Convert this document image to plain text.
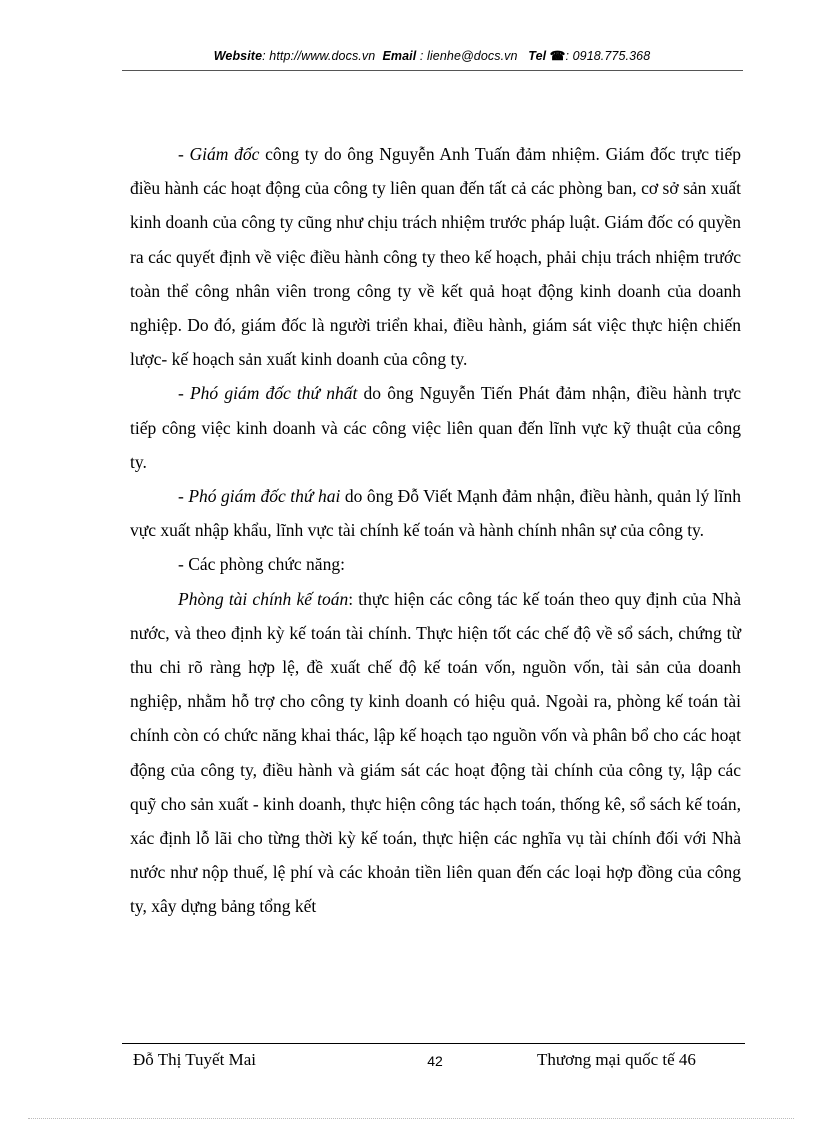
Website: http://www.docs.vn Email : lienhe@docs.vn Tel ☎: 0918.775.368

- Giám đốc công ty do ông Nguyễn Anh Tuấn đảm nhiệm. Giám đốc trực tiếp điều hành các hoạt động của công ty liên quan đến tất cả các phòng ban, cơ sở sản xuất kinh doanh của công ty cũng như chịu trách nhiệm trước pháp luật. Giám đốc có quyền ra các quyết định về việc điều hành công ty theo kế hoạch, phải chịu trách nhiệm trước toàn thể công nhân viên trong công ty về kết quả hoạt động kinh doanh của doanh nghiệp. Do đó, giám đốc là người triển khai, điều hành, giám sát việc thực hiện chiến lược- kế hoạch sản xuất kinh doanh của công ty.

- Phó giám đốc thứ nhất do ông Nguyễn Tiến Phát đảm nhận, điều hành trực tiếp công việc kinh doanh và các công việc liên quan đến lĩnh vực kỹ thuật của công ty.

- Phó giám đốc thứ hai do ông Đỗ Viết Mạnh đảm nhận, điều hành, quản lý lĩnh vực xuất nhập khẩu, lĩnh vực tài chính kế toán và hành chính nhân sự của công ty.

- Các phòng chức năng:

Phòng tài chính kế toán: thực hiện các công tác kế toán theo quy định của Nhà nước, và theo định kỳ kế toán tài chính. Thực hiện tốt các chế độ về sổ sách, chứng từ thu chi rõ ràng hợp lệ, đề xuất chế độ kế toán vốn, nguồn vốn, tài sản của doanh nghiệp, nhằm hỗ trợ cho công ty kinh doanh có hiệu quả. Ngoài ra, phòng kế toán tài chính còn có chức năng khai thác, lập kế hoạch tạo nguồn vốn và phân bổ cho các hoạt động của công ty, điều hành và giám sát các hoạt động tài chính của công ty, lập các quỹ cho sản xuất - kinh doanh, thực hiện công tác hạch toán, thống kê, sổ sách kế toán, xác định lỗ lãi cho từng thời kỳ kế toán, thực hiện các nghĩa vụ tài chính đối với Nhà nước như nộp thuế, lệ phí và các khoản tiền liên quan đến các loại hợp đồng của công ty, xây dựng bảng tổng kết

Đỗ Thị Tuyết Mai	42	Thương mại quốc tế 46
